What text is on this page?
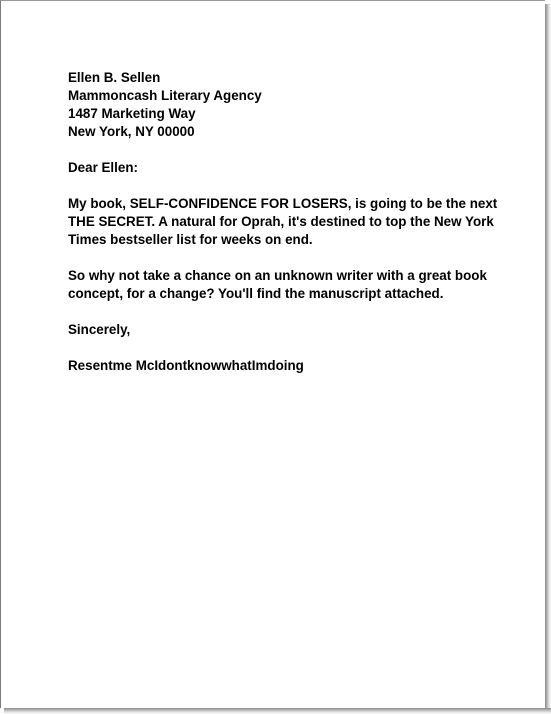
Ellen B. Sellen
Mammoncash Literary Agency
1487 Marketing Way
New York, NY 00000

Dear Ellen:

My book, SELF-CONFIDENCE FOR LOSERS, is going to be the next THE SECRET. A natural for Oprah, it's destined to top the New York Times bestseller list for weeks on end.

So why not take a chance on an unknown writer with a great book concept, for a change? You'll find the manuscript attached.

Sincerely,

Resentme McIdontknowwhatImdoing
